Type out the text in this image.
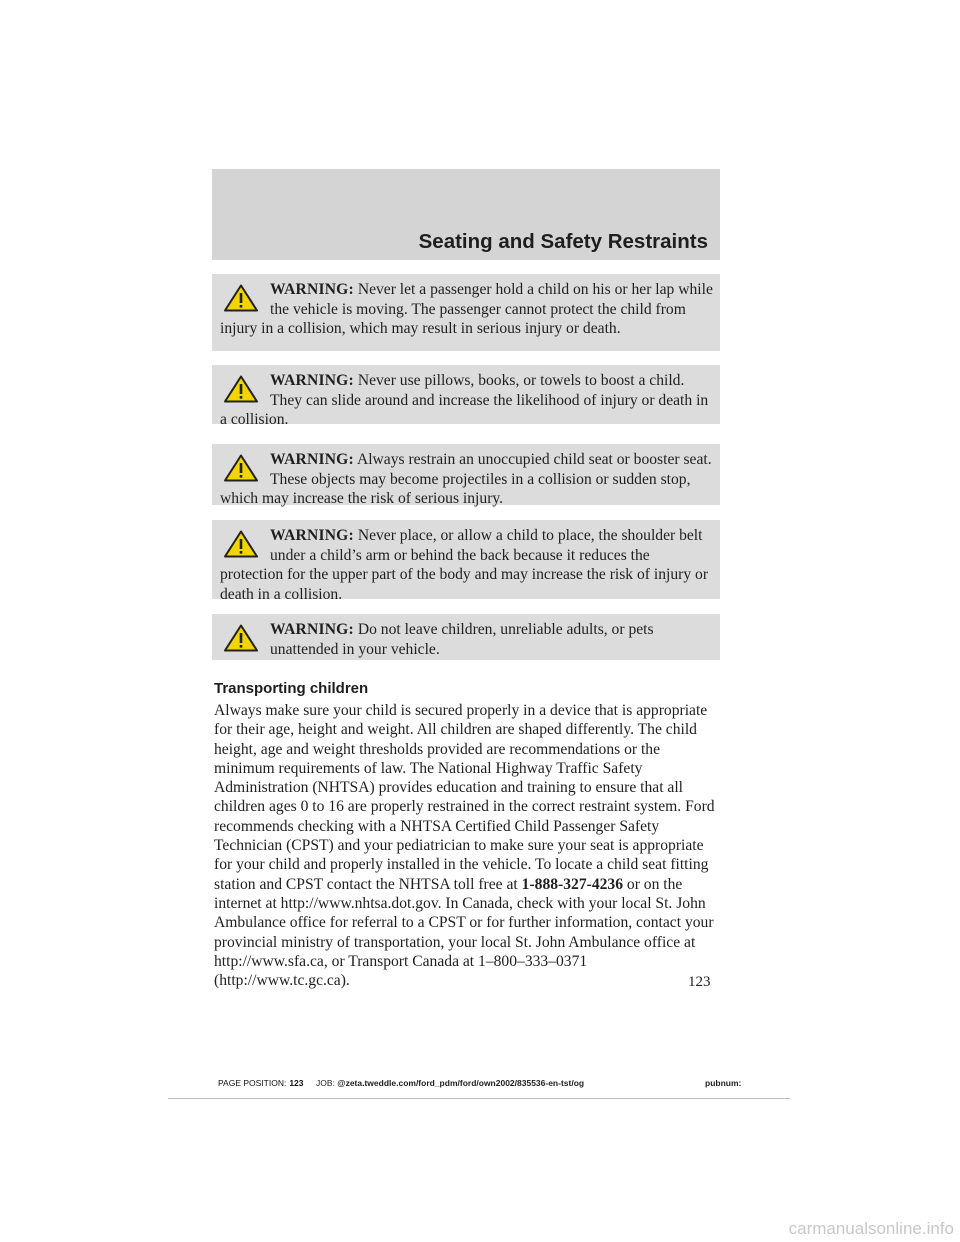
Seating and Safety Restraints
WARNING: Never let a passenger hold a child on his or her lap while the vehicle is moving. The passenger cannot protect the child from injury in a collision, which may result in serious injury or death.
WARNING: Never use pillows, books, or towels to boost a child. They can slide around and increase the likelihood of injury or death in a collision.
WARNING: Always restrain an unoccupied child seat or booster seat. These objects may become projectiles in a collision or sudden stop, which may increase the risk of serious injury.
WARNING: Never place, or allow a child to place, the shoulder belt under a child’s arm or behind the back because it reduces the protection for the upper part of the body and may increase the risk of injury or death in a collision.
WARNING: Do not leave children, unreliable adults, or pets unattended in your vehicle.
Transporting children
Always make sure your child is secured properly in a device that is appropriate for their age, height and weight. All children are shaped differently. The child height, age and weight thresholds provided are recommendations or the minimum requirements of law. The National Highway Traffic Safety Administration (NHTSA) provides education and training to ensure that all children ages 0 to 16 are properly restrained in the correct restraint system. Ford recommends checking with a NHTSA Certified Child Passenger Safety Technician (CPST) and your pediatrician to make sure your seat is appropriate for your child and properly installed in the vehicle. To locate a child seat fitting station and CPST contact the NHTSA toll free at 1-888-327-4236 or on the internet at http://www.nhtsa.dot.gov. In Canada, check with your local St. John Ambulance office for referral to a CPST or for further information, contact your provincial ministry of transportation, your local St. John Ambulance office at http://www.sfa.ca, or Transport Canada at 1–800–333–0371 (http://www.tc.gc.ca).	123
PAGE POSITION: 123 JOB: @zeta.tweddle.com/ford_pdm/ford/own2002/835536-en-tst/og	pubnum:
carmanualsonline.info
